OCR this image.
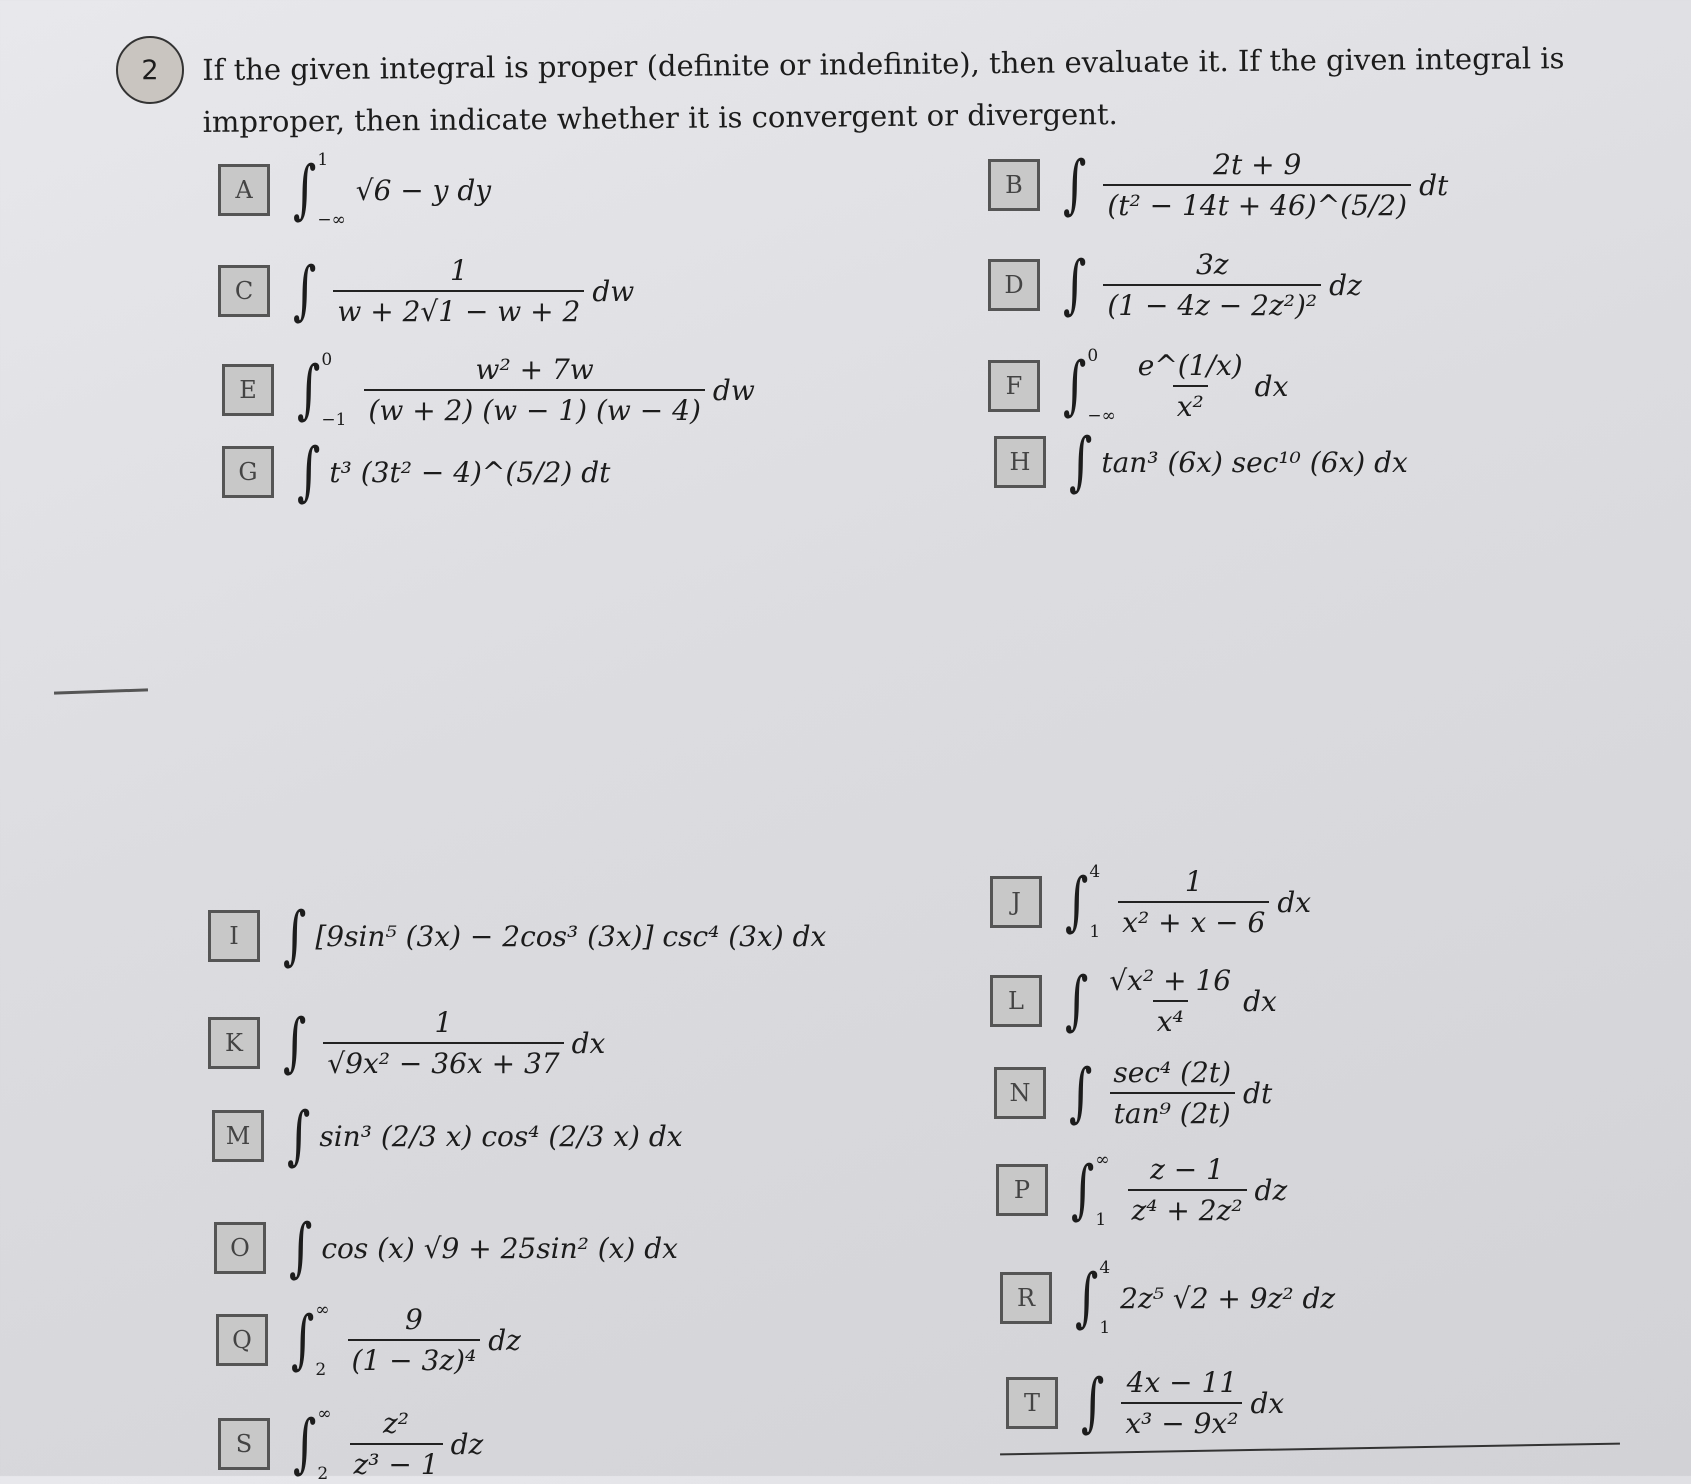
2	If the given integral is proper (definite or indefinite), then evaluate it. If the given integral is improper, then indicate whether it is convergent or divergent.
A ∫ 1
−∞
√6 − y dy	B ∫ $\frac{2t + 9}{\text{(t² − 14t + 46)\textasciicircum{}(5/2)}}$ dt
C ∫ $\frac{1}{w + 2√1 - w + 2}$ dw	D ∫ $\frac{3z}{\text{(1 − 4z − 2z²)²}}$ dz
E ∫ 0
$-1 \frac{\text{w² + 7w}}{(w + 2) (w - 1) (w - 4)}$ dw	F ∫ 0
−∞ $\frac{e\^{}(1/x)}{\text{x²}}$ dx
G ∫ t³ (3t² − 4)^(5/2) dt	H ∫ tan³ (6x) sec¹⁰ (6x) dx
I ∫ [9sin⁵ (3x) − 2cos³ (3x)] csc⁴ (3x) dx
J ∫ 4
$1 \frac{1}{\text{x² + x − 6}}$ dx
K ∫ $\frac{1}{\text{√9x² − 36x + 37}}$ dx
L ∫ $\frac{\text{√x² + 16}}{\text{x⁴}}$ dx
M ∫ sin³ (2/3 x) cos⁴ (2/3 x) dx
N ∫ $\frac{\text{sec⁴ (2t)}}{\text{tan⁹ (2t)}}$ dt
O ∫ cos (x) √9 + 25sin² (x) dx
P ∫ ∞
$1 \frac{z - 1}{\text{z⁴ + 2z²}}$ dz
Q ∫ ∞
$2 \frac{9}{\text{(1 − 3z)⁴}}$ dz
R ∫ 4
1
2z⁵ √2 + 9z² dz
S ∫ ∞
$2 \frac{\text{z²}}{\text{z³ − 1}}$ dz
T ∫ $\frac{4x - 11}{\text{x³ − 9x²}}$ dx
